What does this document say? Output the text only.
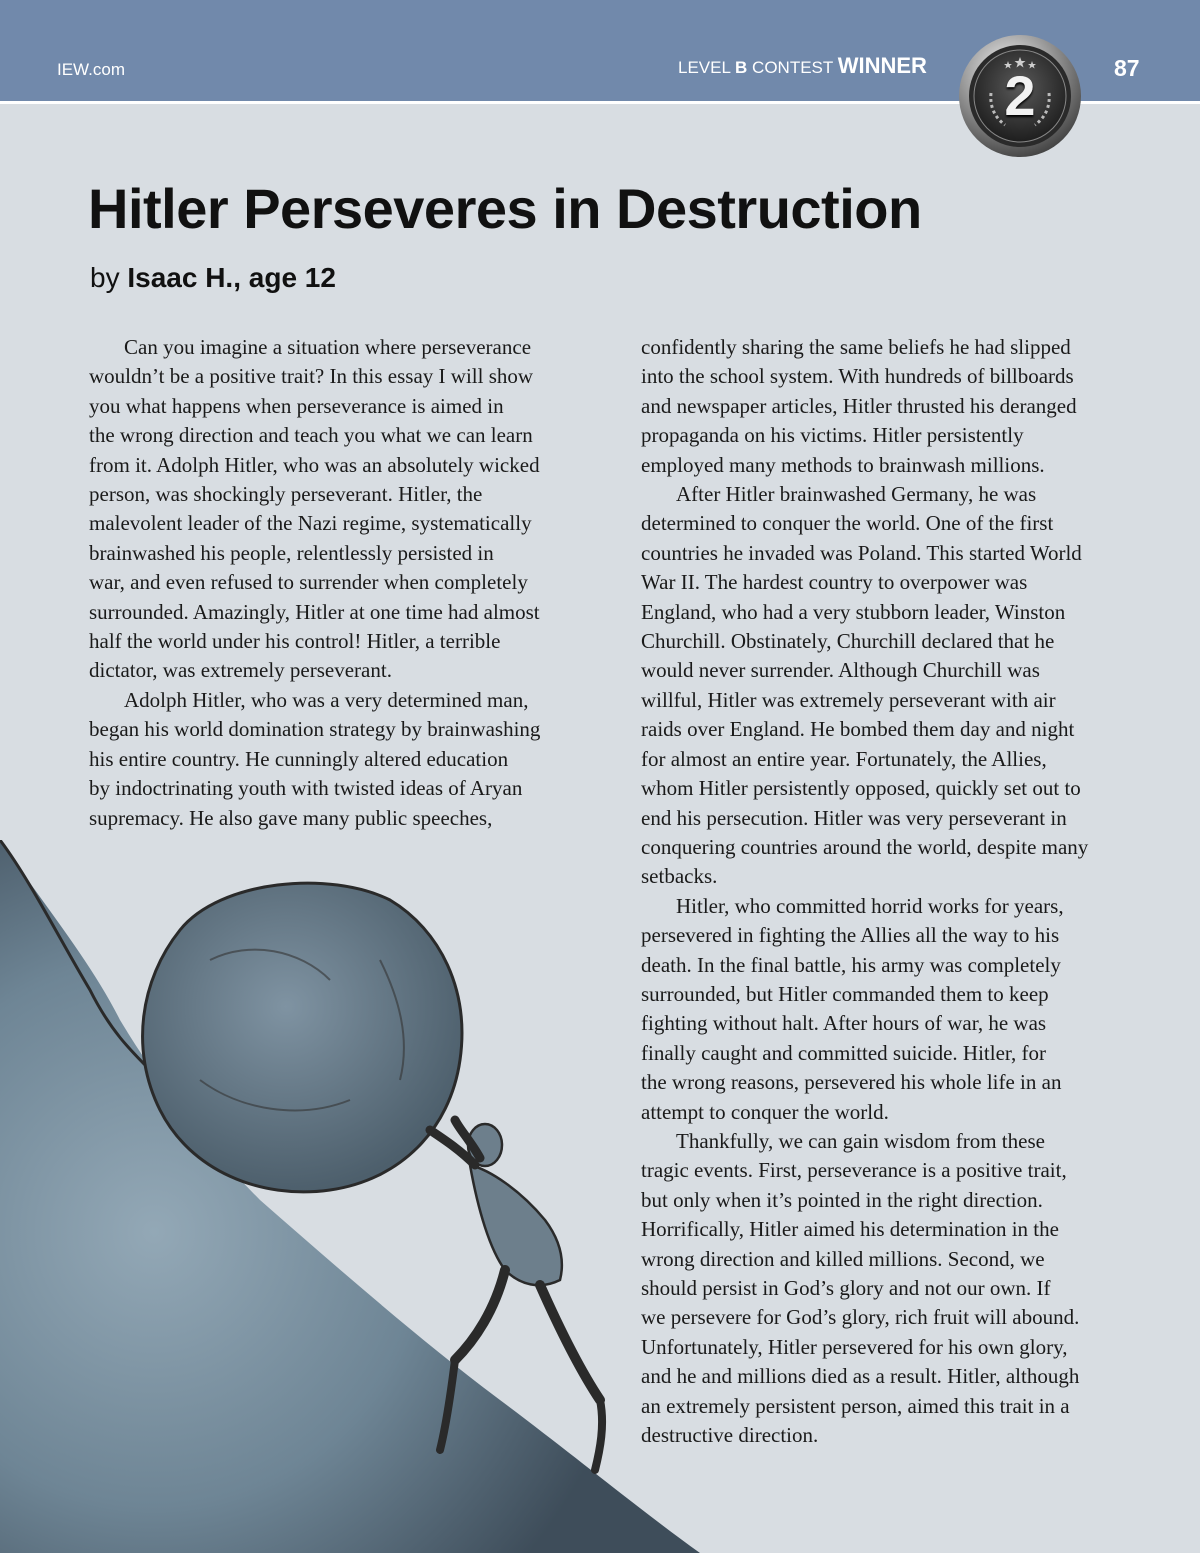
IEW.com	LEVEL B CONTEST WINNER	87
2
Hitler Perseveres in Destruction
by Isaac H., age 12
Can you imagine a situation where perseverance
wouldn’t be a positive trait? In this essay I will show
you what happens when perseverance is aimed in
the wrong direction and teach you what we can learn
from it. Adolph Hitler, who was an absolutely wicked
person, was shockingly perseverant. Hitler, the
malevolent leader of the Nazi regime, systematically
brainwashed his people, relentlessly persisted in
war, and even refused to surrender when completely
surrounded. Amazingly, Hitler at one time had almost
half the world under his control! Hitler, a terrible
dictator, was extremely perseverant.
Adolph Hitler, who was a very determined man,
began his world domination strategy by brainwashing
his entire country. He cunningly altered education
by indoctrinating youth with twisted ideas of Aryan
supremacy. He also gave many public speeches,
confidently sharing the same beliefs he had slipped
into the school system. With hundreds of billboards
and newspaper articles, Hitler thrusted his deranged
propaganda on his victims. Hitler persistently
employed many methods to brainwash millions.
After Hitler brainwashed Germany, he was
determined to conquer the world. One of the first
countries he invaded was Poland. This started World
War II. The hardest country to overpower was
England, who had a very stubborn leader, Winston
Churchill. Obstinately, Churchill declared that he
would never surrender. Although Churchill was
willful, Hitler was extremely perseverant with air
raids over England. He bombed them day and night
for almost an entire year. Fortunately, the Allies,
whom Hitler persistently opposed, quickly set out to
end his persecution. Hitler was very perseverant in
conquering countries around the world, despite many
setbacks.
Hitler, who committed horrid works for years,
persevered in fighting the Allies all the way to his
death. In the final battle, his army was completely
surrounded, but Hitler commanded them to keep
fighting without halt. After hours of war, he was
finally caught and committed suicide. Hitler, for
the wrong reasons, persevered his whole life in an
attempt to conquer the world.
Thankfully, we can gain wisdom from these
tragic events. First, perseverance is a positive trait,
but only when it’s pointed in the right direction.
Horrifically, Hitler aimed his determination in the
wrong direction and killed millions. Second, we
should persist in God’s glory and not our own. If
we persevere for God’s glory, rich fruit will abound.
Unfortunately, Hitler persevered for his own glory,
and he and millions died as a result. Hitler, although
an extremely persistent person, aimed this trait in a
destructive direction.
